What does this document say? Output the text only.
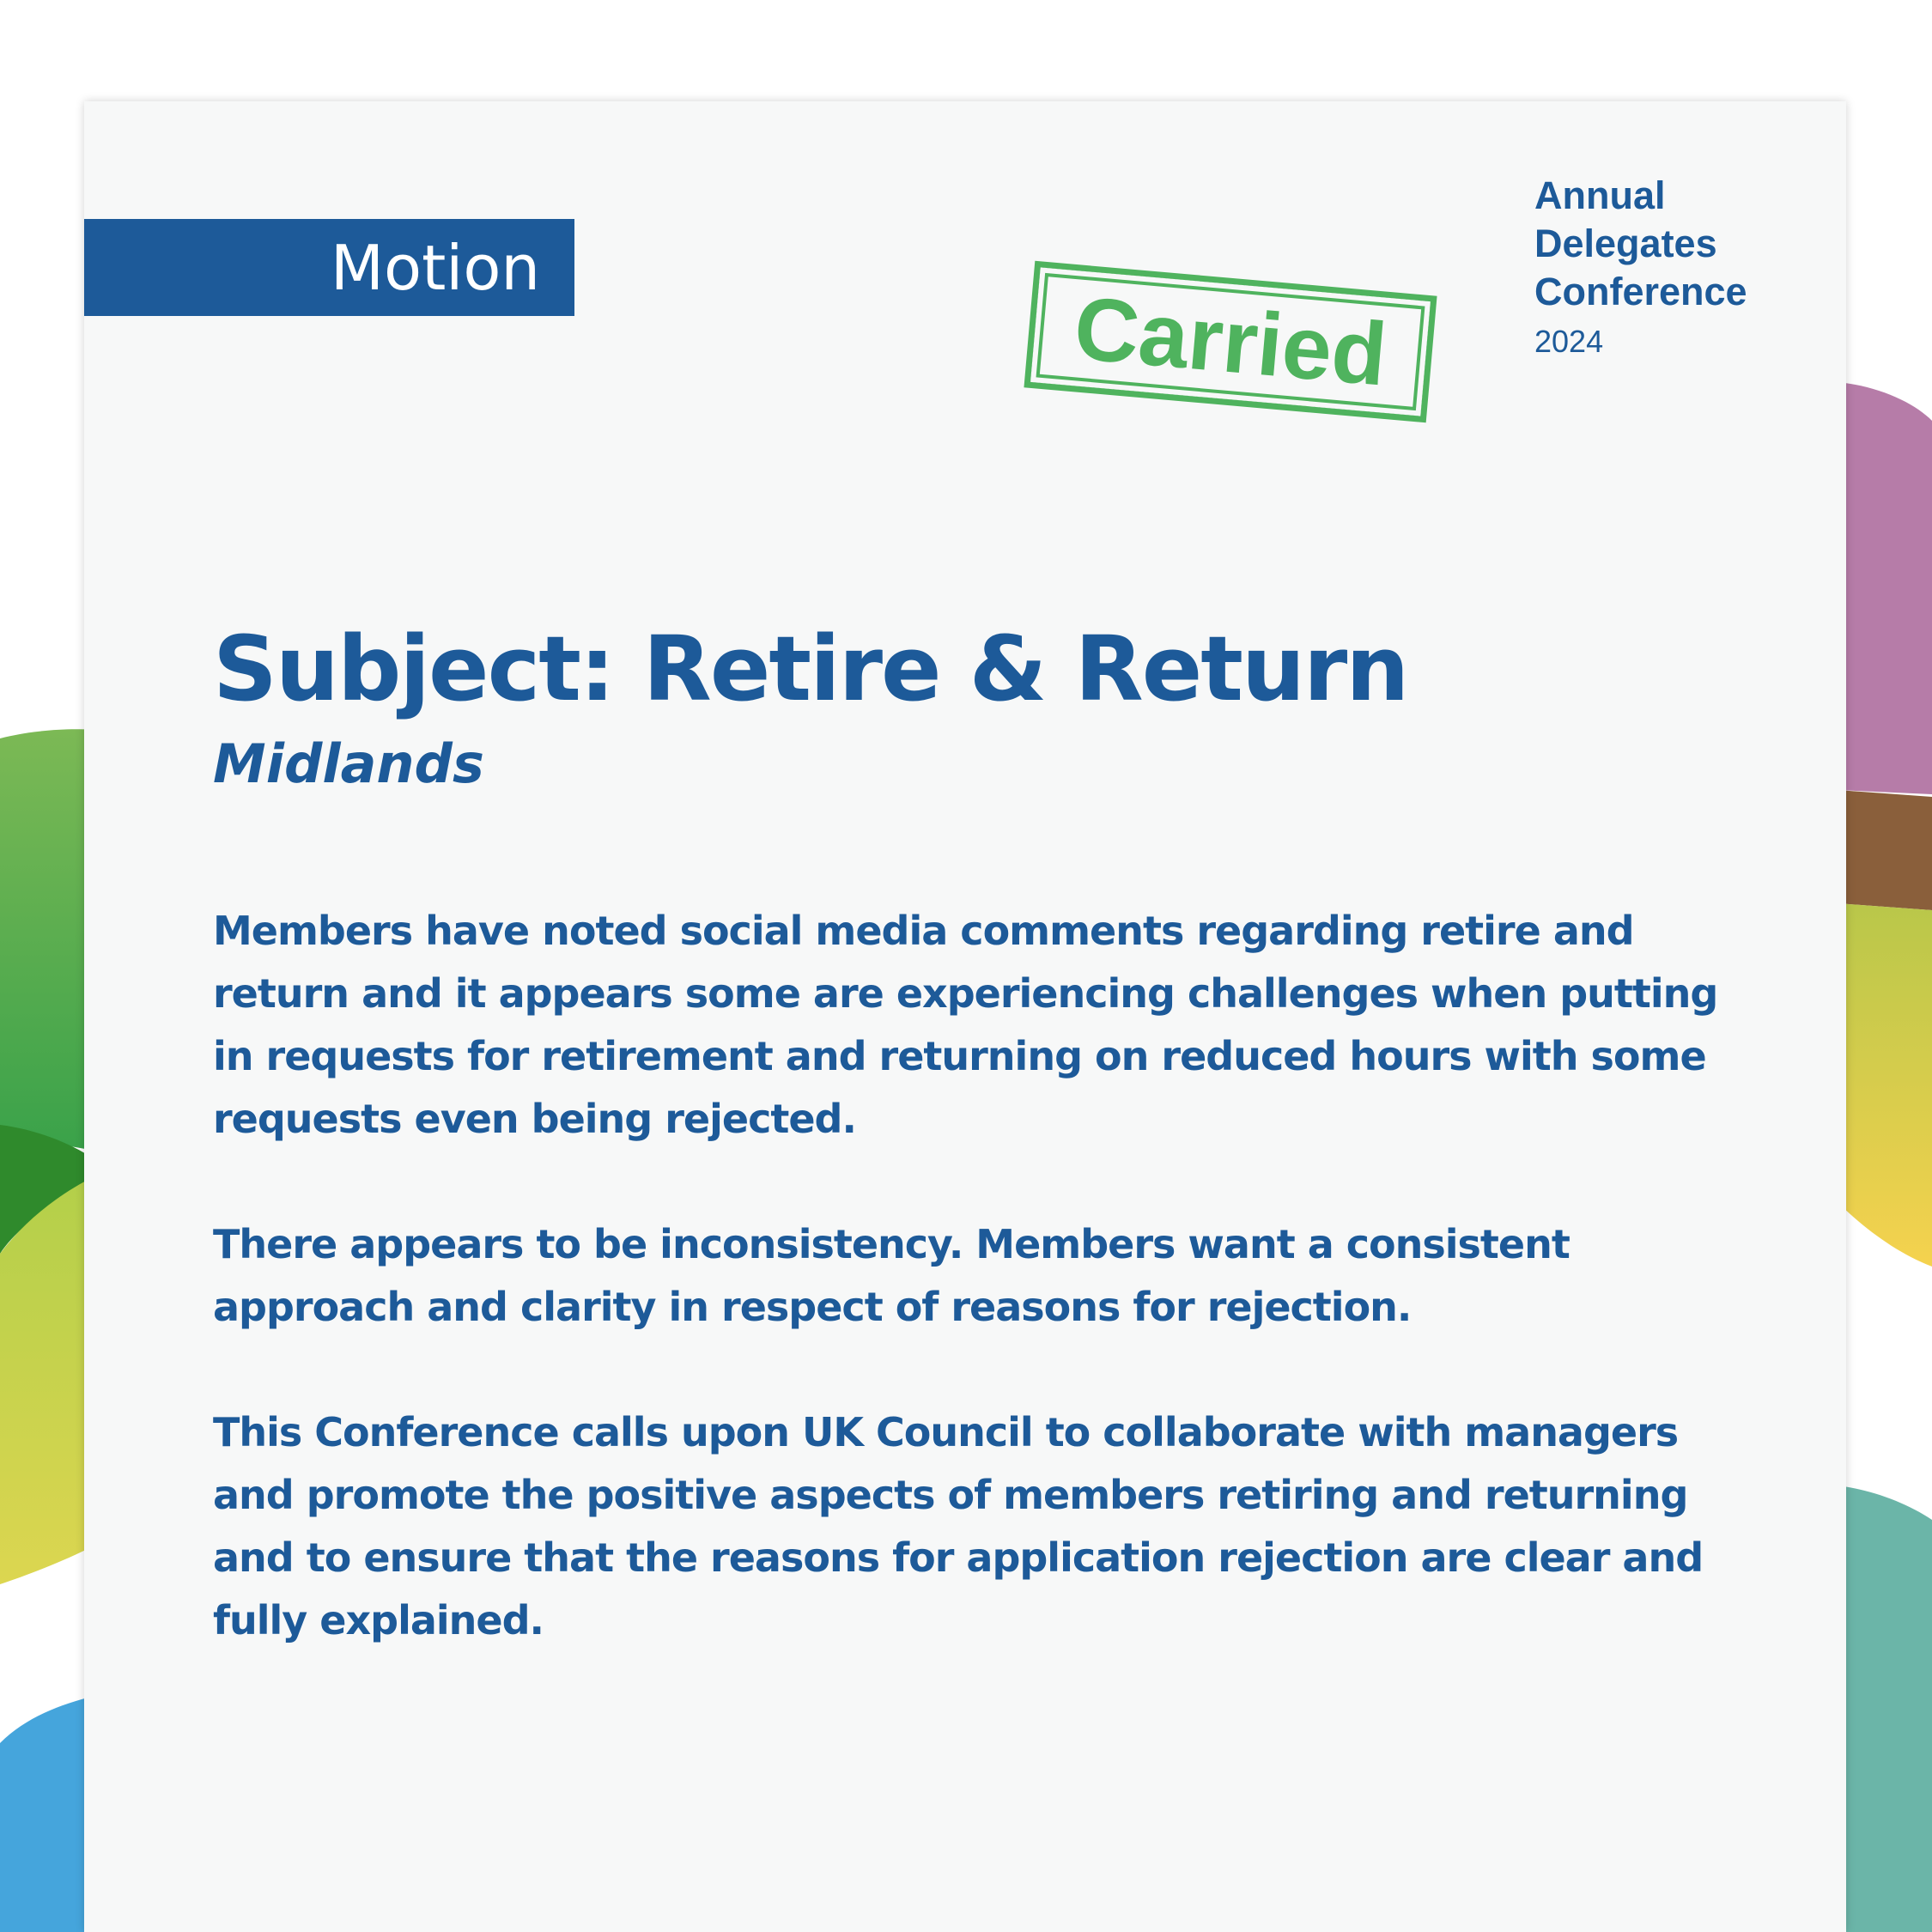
Motion
Carried
Annual
Delegates
Conference
2024
Subject: Retire & Return
Midlands

Members have noted social media comments regarding retire and return and it appears some are experiencing challenges when putting in requests for retirement and returning on reduced hours with some requests even being rejected.

There appears to be inconsistency. Members want a consistent approach and clarity in respect of reasons for rejection.

This Conference calls upon UK Council to collaborate with managers and promote the positive aspects of members retiring and returning and to ensure that the reasons for application rejection are clear and fully explained.
